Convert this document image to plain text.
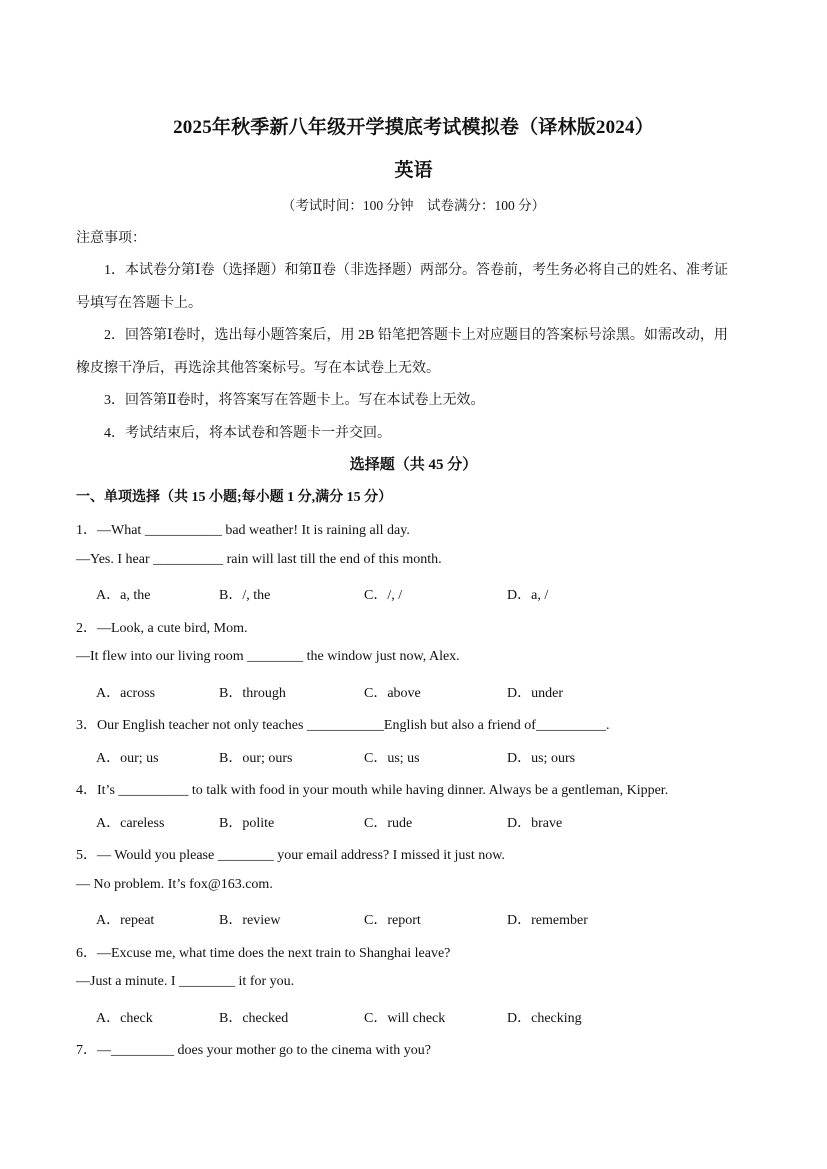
2025年秋季新八年级开学摸底考试模拟卷（译林版2024）
英语
（考试时间：100 分钟　试卷满分：100 分）
注意事项：
1．本试卷分第Ⅰ卷（选择题）和第Ⅱ卷（非选择题）两部分。答卷前，考生务必将自己的姓名、准考证
号填写在答题卡上。
2．回答第Ⅰ卷时，选出每小题答案后，用 2B 铅笔把答题卡上对应题目的答案标号涂黑。如需改动，用
橡皮擦干净后，再选涂其他答案标号。写在本试卷上无效。
3．回答第Ⅱ卷时，将答案写在答题卡上。写在本试卷上无效。
4．考试结束后，将本试卷和答题卡一并交回。
选择题（共 45 分）
一、单项选择（共 15 小题;每小题 1 分,满分 15 分）
1．—What ___________ bad weather! It is raining all day.
—Yes. I hear __________ rain will last till the end of this month.
A．a, the	B．/, the	C．/, /	D．a, /
2．—Look, a cute bird, Mom.
—It flew into our living room ________ the window just now, Alex.
A．across	B．through	C．above	D．under
3．Our English teacher not only teaches ___________English but also a friend of__________.
A．our; us	B．our; ours	C．us; us	D．us; ours
4．It’s __________ to talk with food in your mouth while having dinner. Always be a gentleman, Kipper.
A．careless	B．polite	C．rude	D．brave
5．— Would you please ________ your email address? I missed it just now.
— No problem. It’s fox@163.com.
A．repeat	B．review	C．report	D．remember
6．—Excuse me, what time does the next train to Shanghai leave?
—Just a minute. I ________ it for you.
A．check	B．checked	C．will check	D．checking
7．—_________ does your mother go to the cinema with you?
